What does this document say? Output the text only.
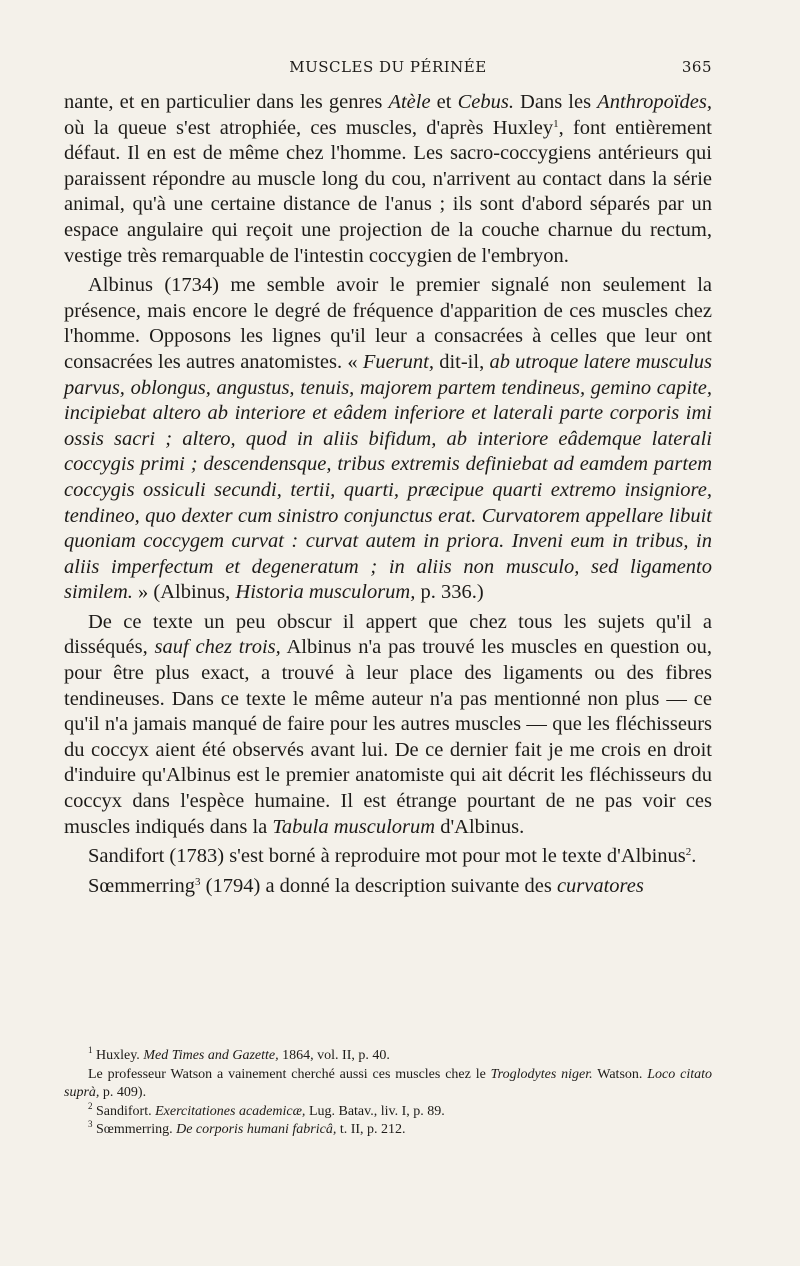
MUSCLES DU PÉRINÉE	365

nante, et en particulier dans les genres Atèle et Cebus. Dans les Anthropoïdes, où la queue s'est atrophiée, ces muscles, d'après Huxley$^1$, font entièrement défaut. Il en est de même chez l'homme. Les sacro-coccygiens antérieurs qui paraissent répondre au muscle long du cou, n'arrivent au contact dans la série animal, qu'à une certaine distance de l'anus ; ils sont d'abord séparés par un espace angulaire qui reçoit une projection de la couche charnue du rectum, vestige très remarquable de l'intestin coccygien de l'embryon.

Albinus (1734) me semble avoir le premier signalé non seulement la présence, mais encore le degré de fréquence d'apparition de ces muscles chez l'homme. Opposons les lignes qu'il leur a consacrées à celles que leur ont consacrées les autres anatomistes. « Fuerunt, dit-il, ab utroque latere musculus parvus, oblongus, angustus, tenuis, majorem partem tendineus, gemino capite, incipiebat altero ab interiore et eâdem inferiore et laterali parte corporis imi ossis sacri ; altero, quod in aliis bifidum, ab interiore eâdemque laterali coccygis primi ; descendensque, tribus extremis definiebat ad eamdem partem coccygis ossiculi secundi, tertii, quarti, præcipue quarti extremo insigniore, tendineo, quo dexter cum sinistro conjunctus erat. Curvatorem appellare libuit quoniam coccygem curvat : curvat autem in priora. Inveni eum in tribus, in aliis imperfectum et degeneratum ; in aliis non musculo, sed ligamento similem. » (Albinus, Historia musculorum, p. 336.)

De ce texte un peu obscur il appert que chez tous les sujets qu'il a disséqués, sauf chez trois, Albinus n'a pas trouvé les muscles en question ou, pour être plus exact, a trouvé à leur place des ligaments ou des fibres tendineuses. Dans ce texte le même auteur n'a pas mentionné non plus — ce qu'il n'a jamais manqué de faire pour les autres muscles — que les fléchisseurs du coccyx aient été observés avant lui. De ce dernier fait je me crois en droit d'induire qu'Albinus est le premier anatomiste qui ait décrit les fléchisseurs du coccyx dans l'espèce humaine. Il est étrange pourtant de ne pas voir ces muscles indiqués dans la Tabula musculorum d'Albinus.

Sandifort (1783) s'est borné à reproduire mot pour mot le texte d'Albinus$^2$.

Sœmmerring$^3$ (1794) a donné la description suivante des curvatores

$^1$ Huxley. Med Times and Gazette, 1864, vol. II, p. 40.

Le professeur Watson a vainement cherché aussi ces muscles chez le Troglodytes niger. Watson. Loco citato suprà, p. 409).

$^2$ Sandifort. Exercitationes academicæ, Lug. Batav., liv. I, p. 89.

$^3$ Sœmmerring. De corporis humani fabricâ, t. II, p. 212.
